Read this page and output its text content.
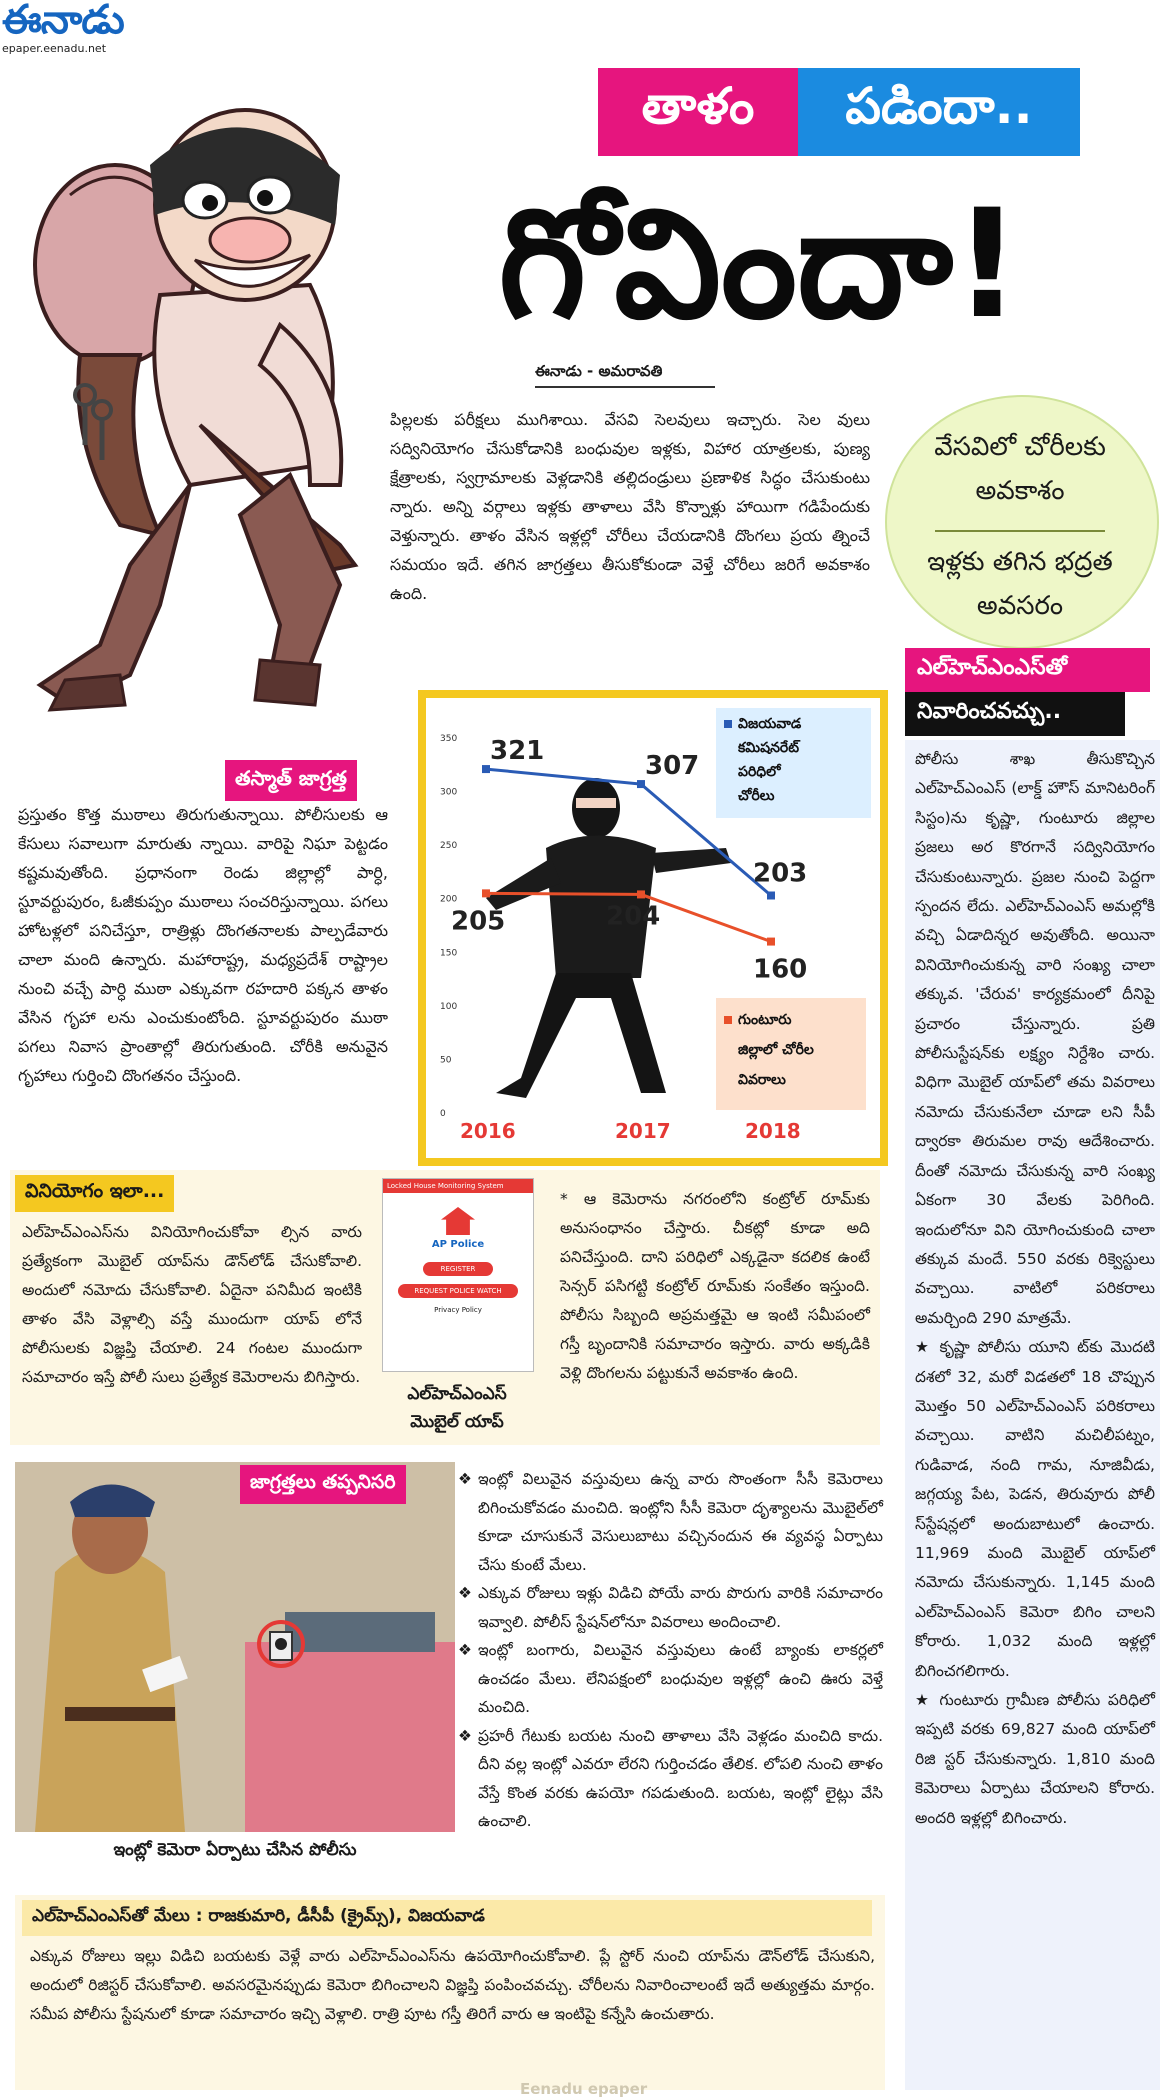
ఈనాడు
epaper.eenadu.net
తాళం	పడిందా..
గోవిందా!
ఈనాడు - అమరావతి

పిల్లలకు పరీక్షలు ముగిశాయి. వేసవి సెలవులు ఇచ్చారు. సెల వులు సద్వినియోగం చేసుకోడానికి బంధువుల ఇళ్లకు, విహార యాత్రలకు, పుణ్య క్షేత్రాలకు, స్వగ్రామాలకు వెళ్లడానికి తల్లిదండ్రులు ప్రణాళిక సిద్ధం చేసుకుంటు న్నారు. అన్ని వర్గాలు ఇళ్లకు తాళాలు వేసి కొన్నాళ్లు హాయిగా గడిపేందుకు వెళ్తున్నారు. తాళం వేసిన ఇళ్లల్లో చోరీలు చేయడానికి దొంగలు ప్రయ త్నించే సమయం ఇదే. తగిన జాగ్రత్తలు తీసుకోకుండా వెళ్తే చోరీలు జరిగే అవకాశం ఉంది.

వేసవిలో చోరీలకు అవకాశం
ఇళ్లకు తగిన భద్రత అవసరం
తస్మాత్ జాగ్రత్త

ప్రస్తుతం కొత్త ముఠాలు తిరుగుతున్నాయి. పోలీసులకు ఆ కేసులు సవాలుగా మారుతు న్నాయి. వారిపై నిఘా పెట్టడం కష్టమవుతోంది. ప్రధానంగా రెండు జిల్లాల్లో పార్ధి, స్టూవర్టుపురం, ఓజీకుప్పం ముఠాలు సంచరిస్తున్నాయి. పగలు హోటళ్లలో పనిచేస్తూ, రాత్రిళ్లు దొంగతనాలకు పాల్పడేవారు చాలా మంది ఉన్నారు. మహారాష్ట్ర, మధ్యప్రదేశ్ రాష్ట్రాల నుంచి వచ్చే పార్ధి ముఠా ఎక్కువగా రహదారి పక్కన తాళం వేసిన గృహా లను ఎంచుకుంటోంది. స్టూవర్టుపురం ముఠా పగలు నివాస ప్రాంతాల్లో తిరుగుతుంది. చోరీకి అనువైన గృహాలు గుర్తించి దొంగతనం చేస్తుంది.

350
300
250
200
150
100
50
0
321	307
203
205	204
160
2016	2017	2018
విజయవాడ కమిషనరేట్ పరిధిలో చోరీలు
గుంటూరు జిల్లాలో చోరీల వివరాలు
ఎల్‌హెచ్‌ఎంఎస్‌తో
నివారించవచ్చు..

పోలీసు శాఖ తీసుకొచ్చిన ఎల్‌హెచ్‌ఎంఎస్ (లాక్డ్ హౌస్ మానిటరింగ్ సిస్టం)ను కృష్ణా, గుంటూరు జిల్లాల ప్రజలు అర కొరగానే సద్వినియోగం చేసుకుంటున్నారు. ప్రజల నుంచి పెద్దగా స్పందన లేదు. ఎల్‌హెచ్‌ఎంఎస్ అమల్లోకి వచ్చి ఏడాదిన్నర అవుతోంది. అయినా వినియోగించుకున్న వారి సంఖ్య చాలా తక్కువ. 'చేరువ' కార్యక్రమంలో దీనిపై ప్రచారం చేస్తున్నారు. ప్రతి పోలీసుస్టేషన్‌కు లక్ష్యం నిర్దేశిం చారు. విధిగా మొబైల్ యాప్‌లో తమ వివరాలు నమోదు చేసుకునేలా చూడా లని సీపీ ద్వారకా తిరుమల రావు ఆదేశించారు. దీంతో నమోదు చేసుకున్న వారి సంఖ్య ఏకంగా 30 వేలకు పెరిగింది. ఇందులోనూ విని యోగించుకుంది చాలా తక్కువ మందే. 550 వరకు రిక్వెస్టులు వచ్చాయి. వాటిలో పరికరాలు అమర్చింది 290 మాత్రమే.

★ కృష్ణా పోలీసు యూని ట్‌కు మొదటి దశలో 32, మరో విడతలో 18 చొప్పున మొత్తం 50 ఎల్‌హెచ్‌ఎంఎస్ పరికరాలు వచ్చాయి. వాటిని మచిలీపట్నం, గుడివాడ, నంది గామ, నూజివీడు, జగ్గయ్య పేట, పెడన, తిరువూరు పోలీ స్‌స్టేషన్లలో అందుబాటులో ఉంచారు. 11,969 మంది మొబైల్ యాప్‌లో నమోదు చేసుకున్నారు. 1,145 మంది ఎల్‌హెచ్‌ఎంఎస్ కెమెరా బిగిం చాలని కోరారు. 1,032 మంది ఇళ్లల్లో బిగించగలిగారు.

★ గుంటూరు గ్రామీణ పోలీసు పరిధిలో ఇప్పటి వరకు 69,827 మంది యాప్‌లో రిజి స్టర్ చేసుకున్నారు. 1,810 మంది కెమెరాలు ఏర్పాటు చేయాలని కోరారు. అందరి ఇళ్లల్లో బిగించారు.

వినియోగం ఇలా...

ఎల్‌హెచ్‌ఎంఎస్‌ను వినియోగించుకోవా ల్సిన వారు ప్రత్యేకంగా మొబైల్ యాప్‌ను డౌన్‌లోడ్ చేసుకోవాలి. అందులో నమోదు చేసుకోవాలి. ఏదైనా పనిమీద ఇంటికి తాళం వేసి వెళ్లాల్సి వస్తే ముందుగా యాప్ లోనే పోలీసులకు విజ్ఞప్తి చేయాలి. 24 గంటల ముందుగా సమాచారం ఇస్తే పోలీ సులు ప్రత్యేక కెమెరాలను బిగిస్తారు.

Locked House Monitoring System
AP Police
REGISTER
REQUEST POLICE WATCH
Privacy Policy
ఎల్‌హెచ్‌ఎంఎస్ మొబైల్ యాప్

* ఆ కెమెరాను నగరంలోని కంట్రోల్ రూమ్‌కు అనుసంధానం చేస్తారు. చీకట్లో కూడా అది పనిచేస్తుంది. దాని పరిధిలో ఎక్కడైనా కదలిక ఉంటే సెన్సర్ పసిగట్టి కంట్రోల్ రూమ్‌కు సంకేతం ఇస్తుంది. పోలీసు సిబ్బంది అప్రమత్తమై ఆ ఇంటి సమీపంలో గస్తీ బృందానికి సమాచారం ఇస్తారు. వారు అక్కడికి వెళ్లి దొంగలను పట్టుకునే అవకాశం ఉంది.

జాగ్రత్తలు తప్పనిసరి
ఇంట్లో కెమెరా ఏర్పాటు చేసిన పోలీసు
❖ ఇంట్లో విలువైన వస్తువులు ఉన్న వారు సొంతంగా సీసీ కెమెరాలు బిగించుకోవడం మంచిది. ఇంట్లోని సీసీ కెమెరా దృశ్యాలను మొబైల్‌లో కూడా చూసుకునే వెసులుబాటు వచ్చినందున ఈ వ్యవస్థ ఏర్పాటు చేసు కుంటే మేలు.
❖ ఎక్కువ రోజులు ఇళ్లు విడిచి పోయే వారు పొరుగు వారికి సమాచారం ఇవ్వాలి. పోలీస్ స్టేషన్‌లోనూ వివరాలు అందించాలి.
❖ ఇంట్లో బంగారు, విలువైన వస్తువులు ఉంటే బ్యాంకు లాకర్లలో ఉంచడం మేలు. లేనిపక్షంలో బంధువుల ఇళ్లల్లో ఉంచి ఊరు వెళ్తే మంచిది.
❖ ప్రహరీ గేటుకు బయట నుంచి తాళాలు వేసి వెళ్లడం మంచిది కాదు. దీని వల్ల ఇంట్లో ఎవరూ లేరని గుర్తించడం తేలిక. లోపలి నుంచి తాళం వేస్తే కొంత వరకు ఉపయో గపడుతుంది. బయట, ఇంట్లో లైట్లు వేసి ఉంచాలి.
ఎల్‌హెచ్‌ఎంఎస్‌తో మేలు : రాజకుమారి, డీసీపీ (క్రైమ్స్), విజయవాడ

ఎక్కువ రోజులు ఇల్లు విడిచి బయటకు వెళ్లే వారు ఎల్‌హెచ్‌ఎంఎస్‌ను ఉపయోగించుకోవాలి. ప్లే స్టోర్ నుంచి యాప్‌ను డౌన్‌లోడ్ చేసుకుని, అందులో రిజిస్టర్ చేసుకోవాలి. అవసరమైనప్పుడు కెమెరా బిగించాలని విజ్ఞప్తి పంపించవచ్చు. చోరీలను నివారించాలంటే ఇదే అత్యుత్తమ మార్గం. సమీప పోలీసు స్టేషనులో కూడా సమాచారం ఇచ్చి వెళ్లాలి. రాత్రి పూట గస్తీ తిరిగే వారు ఆ ఇంటిపై కన్నేసి ఉంచుతారు.

Eenadu epaper
